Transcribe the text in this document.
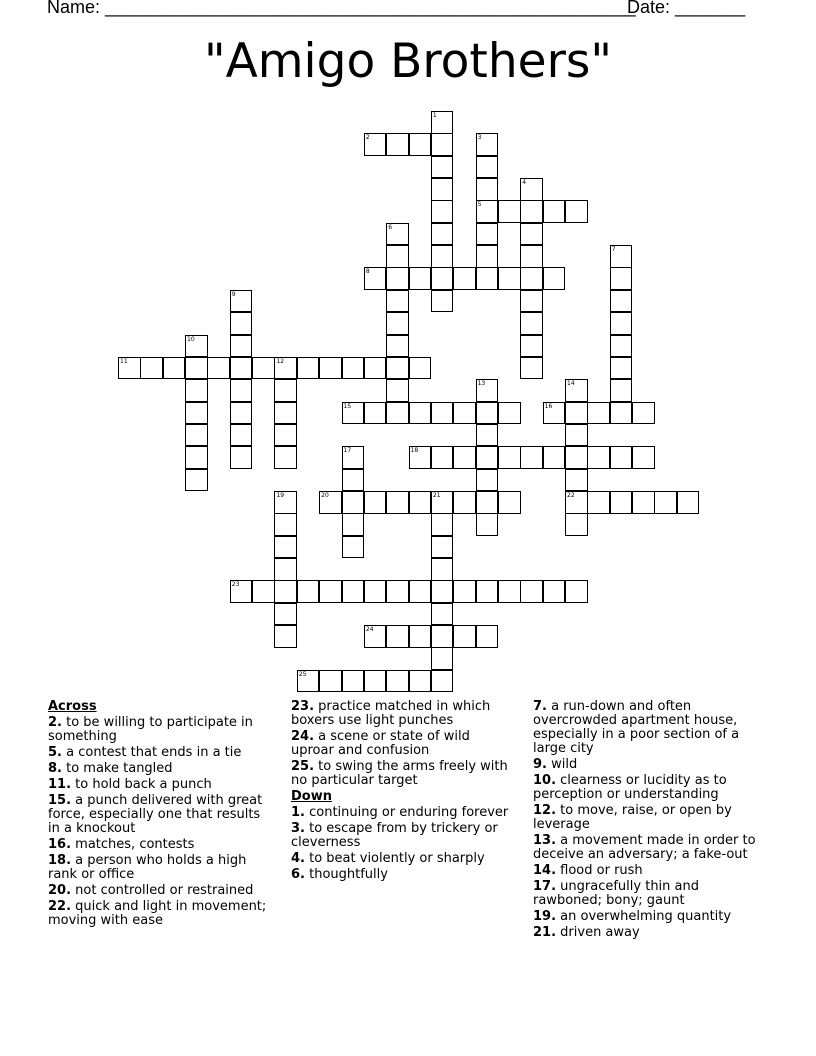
Name: _____________________________________________________
Date: _______
"Amigo Brothers"
1
2	3
5
4
6
7
8
9
10
11	12
13	14
22
15	16
17	18
19	20	21
23
24
25
Across
2. to be willing to participate in something
5. a contest that ends in a tie
8. to make tangled
11. to hold back a punch
15. a punch delivered with great force, especially one that results in a knockout
16. matches, contests
18. a person who holds a high rank or office
20. not controlled or restrained
22. quick and light in movement; moving with ease
23. practice matched in which boxers use light punches
24. a scene or state of wild uproar and confusion
25. to swing the arms freely with no particular target
Down
1. continuing or enduring forever
3. to escape from by trickery or cleverness
4. to beat violently or sharply
6. thoughtfully
7. a run-down and often overcrowded apartment house, especially in a poor section of a large city
9. wild
10. clearness or lucidity as to perception or understanding
12. to move, raise, or open by leverage
13. a movement made in order to deceive an adversary; a fake-out
14. flood or rush
17. ungracefully thin and rawboned; bony; gaunt
19. an overwhelming quantity
21. driven away
